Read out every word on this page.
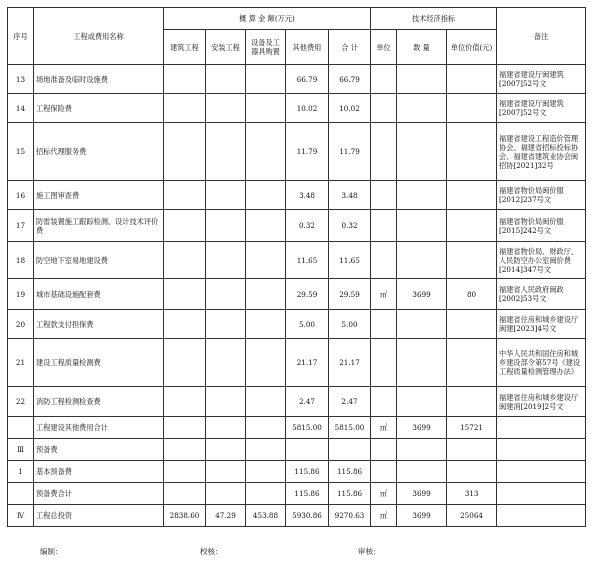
序号	工程或费用名称	概 算 金 额(万元)					技术经济指标			备注
		建筑工程	安装工程	设备及工器具购置	其他费用	合 计	单位	数 量	单位价值(元)	
13	场地准备及临时设施费				66.79	66.79				福建省建设厅闽建筑[2007]52号文
14	工程保险费				10.02	10.02				福建省建设厅闽建筑[2007]52号文
15	招标代理服务费				11.79	11.79				福建省建设工程造价管理协会、福建省招标投标协会、福建省建筑业协会闽招协[2021]32号
16	施工图审查费				3.48	3.48				福建省物价局闽价服[2012]237号文
17	防雷装置施工跟踪检测、设计技术评价费				0.32	0.32				福建省物价局闽价服[2015]242号文
18	防空地下室易地建设费				11.65	11.65				福建省物价局、财政厅、人民防空办公室闽价费[2014]347号文
19	城市基础设施配套费				29.59	29.59	㎡	3699	80	福建省人民政府闽政[2002]53号文
20	工程款支付担保费				5.00	5.00				福建省住房和城乡建设厅闽建[2023]4号文
21	建设工程质量检测费				21.17	21.17				中华人民共和国住房和城乡建设部令第57号《建设工程质量检测管理办法》
22	消防工程检测检查费				2.47	2.47				福建省住房和城乡建设厅闽建消[2019]2号文
	工程建设其他费用合计				5815.00	5815.00	㎡	3699	15721	
Ⅲ	预备费									
1	基本预备费				115.86	115.86				
	预备费合计				115.86	115.86	㎡	3699	313	
Ⅳ	工程总投资	2838.60	47.29	453.88	5930.86	9270.63	㎡	3699	25064	
编制：	校核：	审核：
